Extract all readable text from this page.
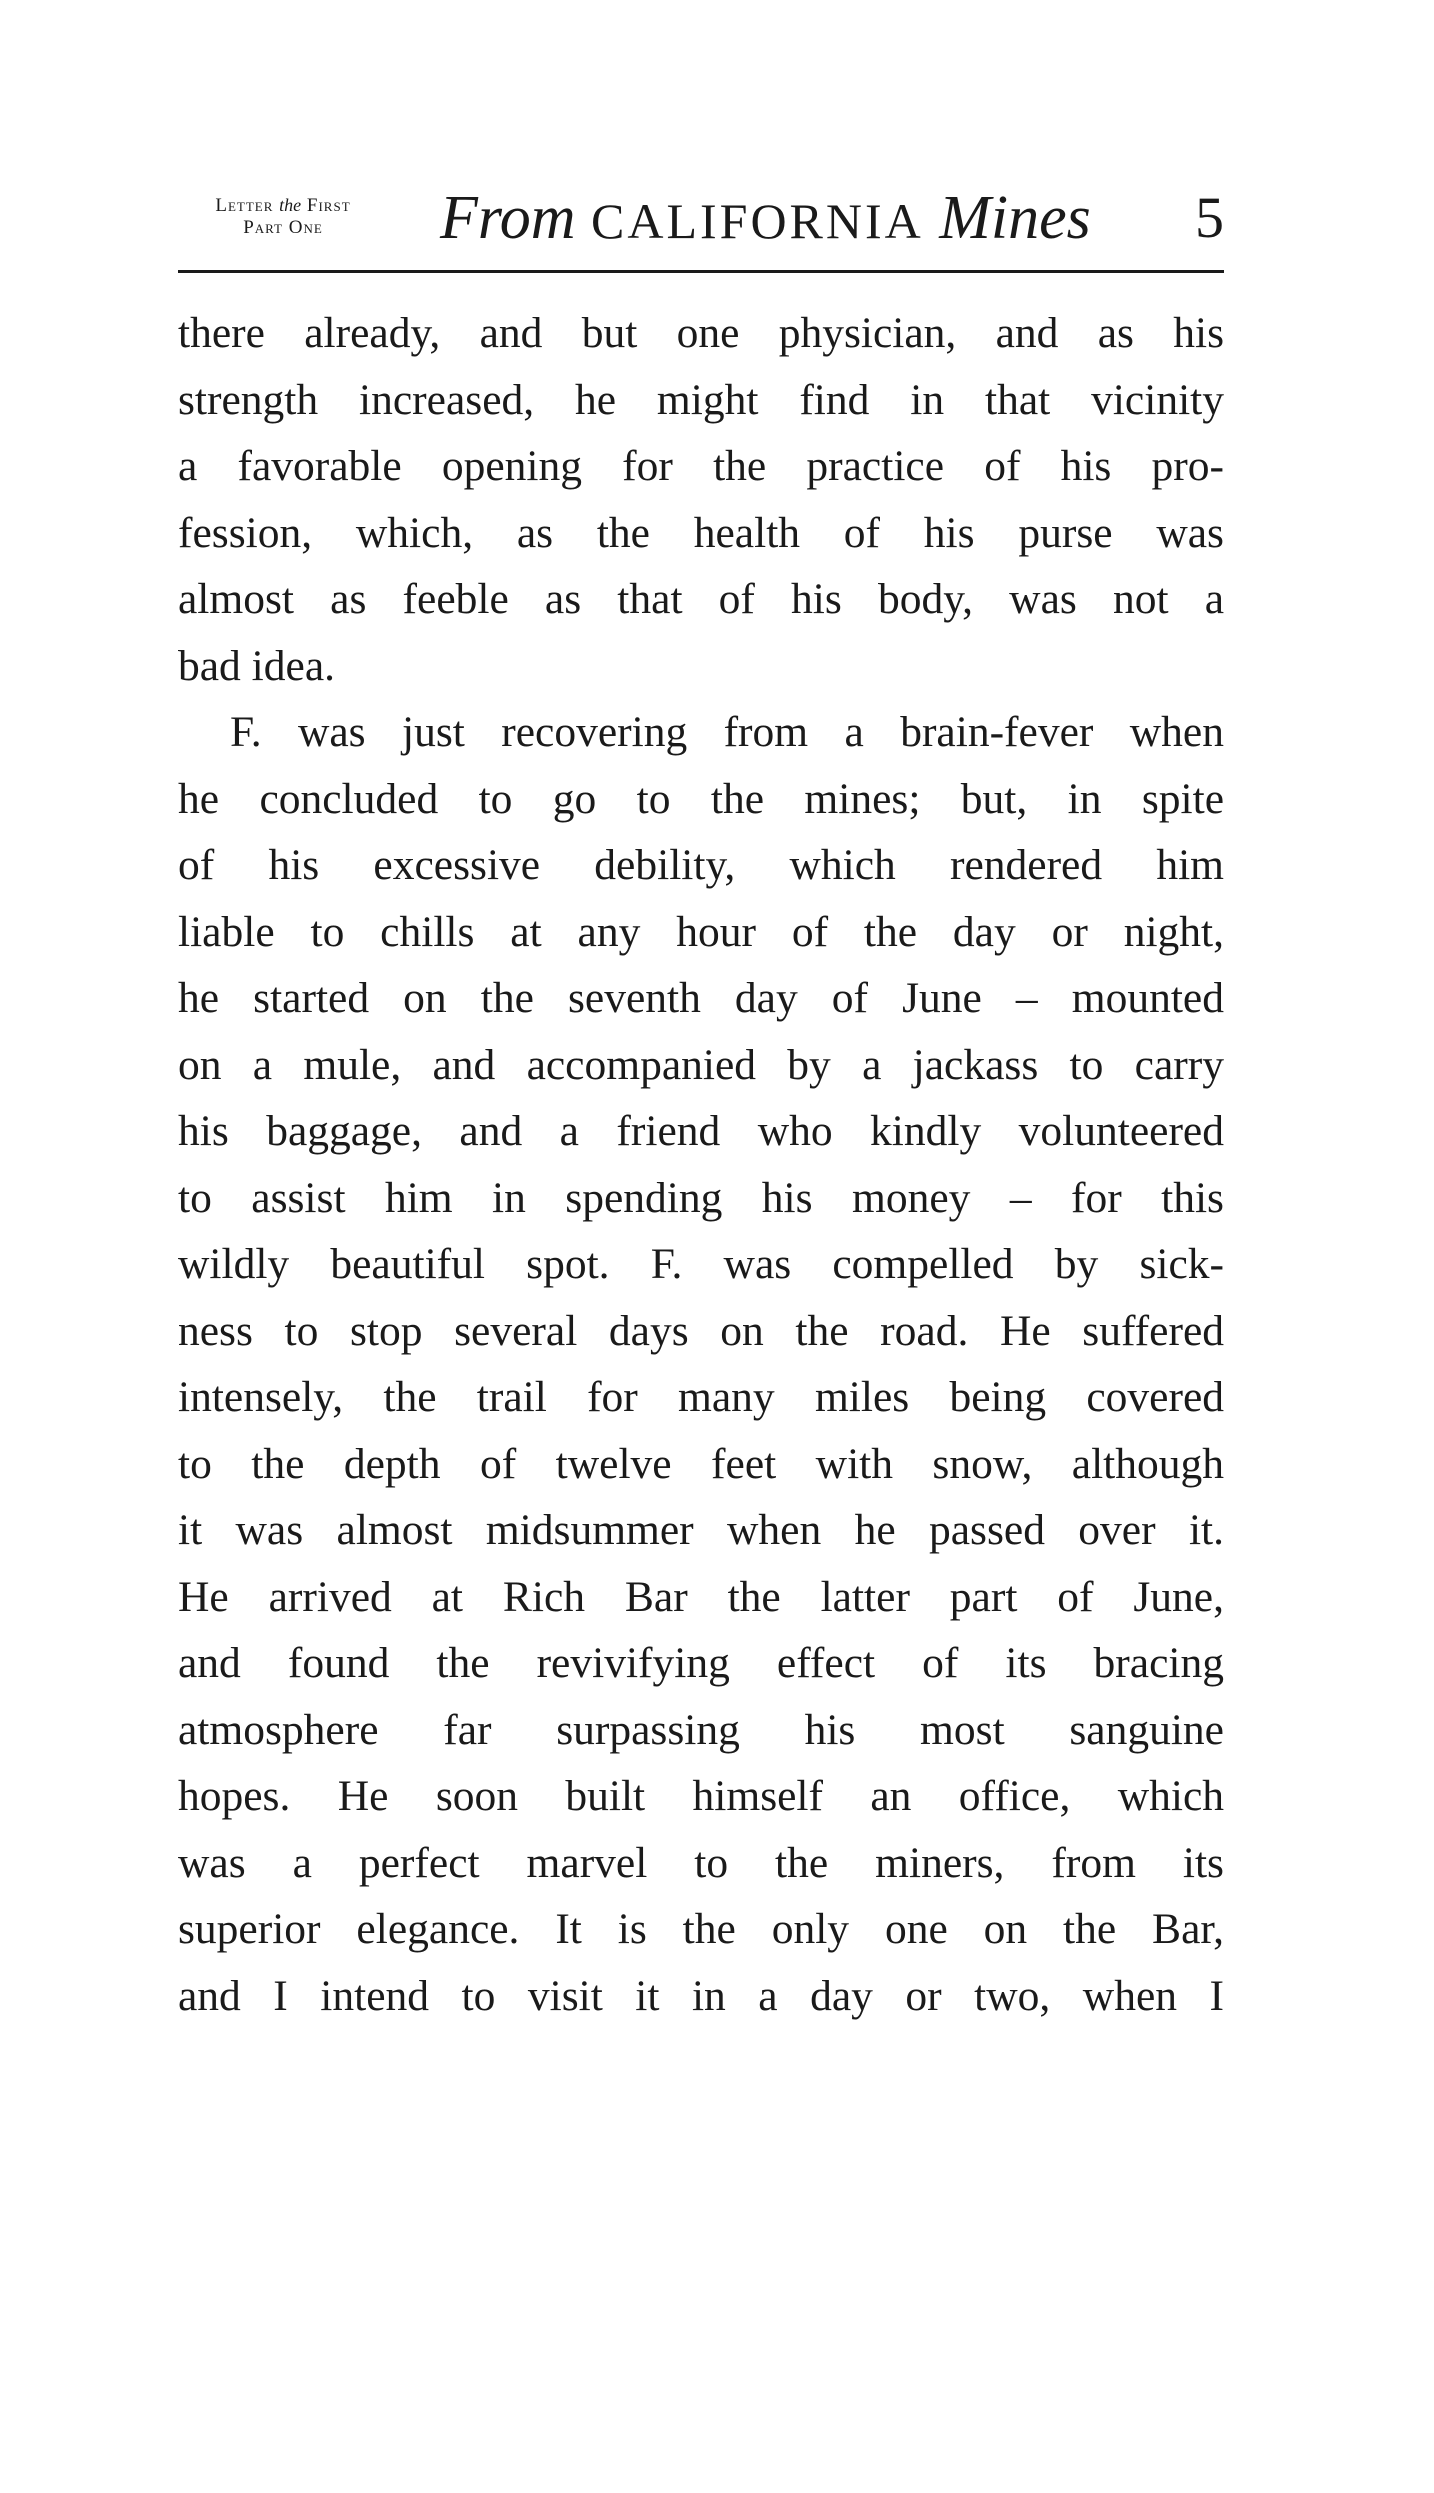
Letter the First
Part One	From CALIFORNIA Mines 5
there already, and but one physician, and as his
strength increased, he might find in that vicinity
a favorable opening for the practice of his pro-
fession, which, as the health of his purse was
almost as feeble as that of his body, was not a
bad idea.
F. was just recovering from a brain-fever when
he concluded to go to the mines; but, in spite
of his excessive debility, which rendered him
liable to chills at any hour of the day or night,
he started on the seventh day of June – mounted
on a mule, and accompanied by a jackass to carry
his baggage, and a friend who kindly volunteered
to assist him in spending his money – for this
wildly beautiful spot. F. was compelled by sick-
ness to stop several days on the road. He suffered
intensely, the trail for many miles being covered
to the depth of twelve feet with snow, although
it was almost midsummer when he passed over it.
He arrived at Rich Bar the latter part of June,
and found the revivifying effect of its bracing
atmosphere far surpassing his most sanguine
hopes. He soon built himself an office, which
was a perfect marvel to the miners, from its
superior elegance. It is the only one on the Bar,
and I intend to visit it in a day or two, when I
